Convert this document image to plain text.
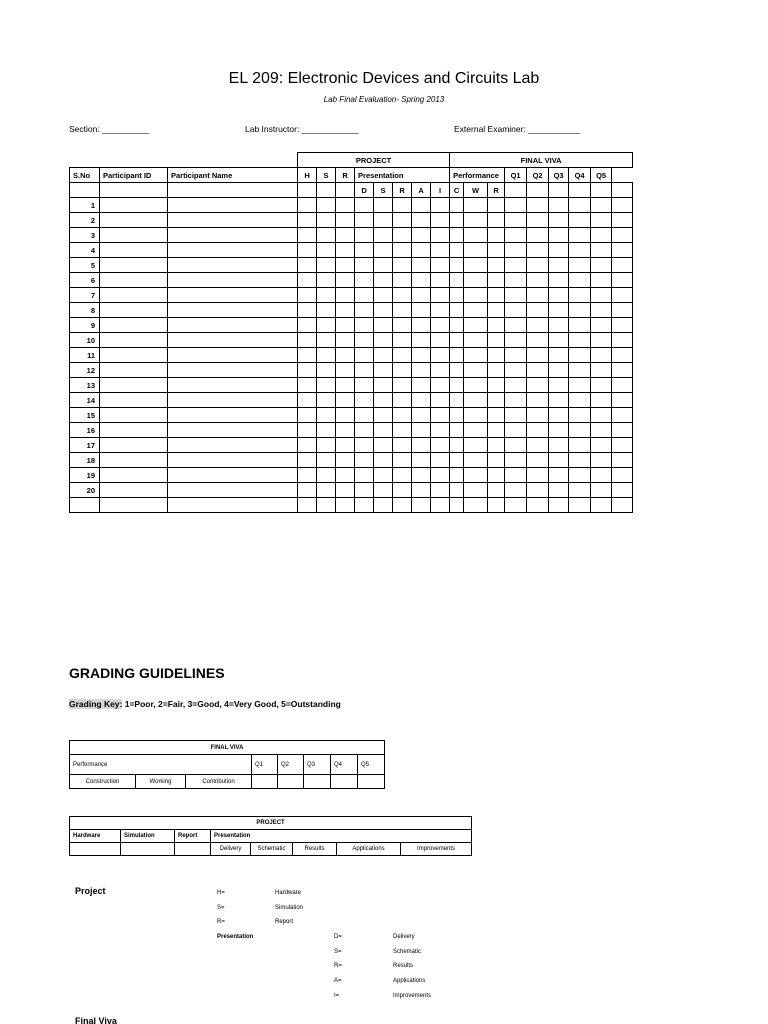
EL 209: Electronic Devices and Circuits Lab
Lab Final Evaluation- Spring 2013
Section: __________	Lab Instructor: ____________	External Examiner: ___________
			PROJECT								FINAL VIVA								
S.No	Participant ID	Participant Name	H	S	R	Presentation					Performance			Q1	Q2	Q3	Q4	Q5	
						D	S	R	A	I	C	W	R						
1																			
2																			
3																			
4																			
5																			
6																			
7																			
8																			
9																			
10																			
11																			
12																			
13																			
14																			
15																			
16																			
17																			
18																			
19																			
20																			

GRADING GUIDELINES
Grading Key: 1=Poor, 2=Fair, 3=Good, 4=Very Good, 5=Outstanding
FINAL VIVA							
Performance			Q1	Q2	Q3	Q4	Q5
Construction	Working	Contribution					
PROJECT							
Hardware	Simulation	Report	Presentation				
			Delivery	Schematic	Results	Applications	Improvements
Project	H=	Hardware
S=	Simulation
R=	Report
Presentation	D=	Delivery
S=	Schematic
R=	Results
A=	Applications
I=	Improvements
Final Viva
